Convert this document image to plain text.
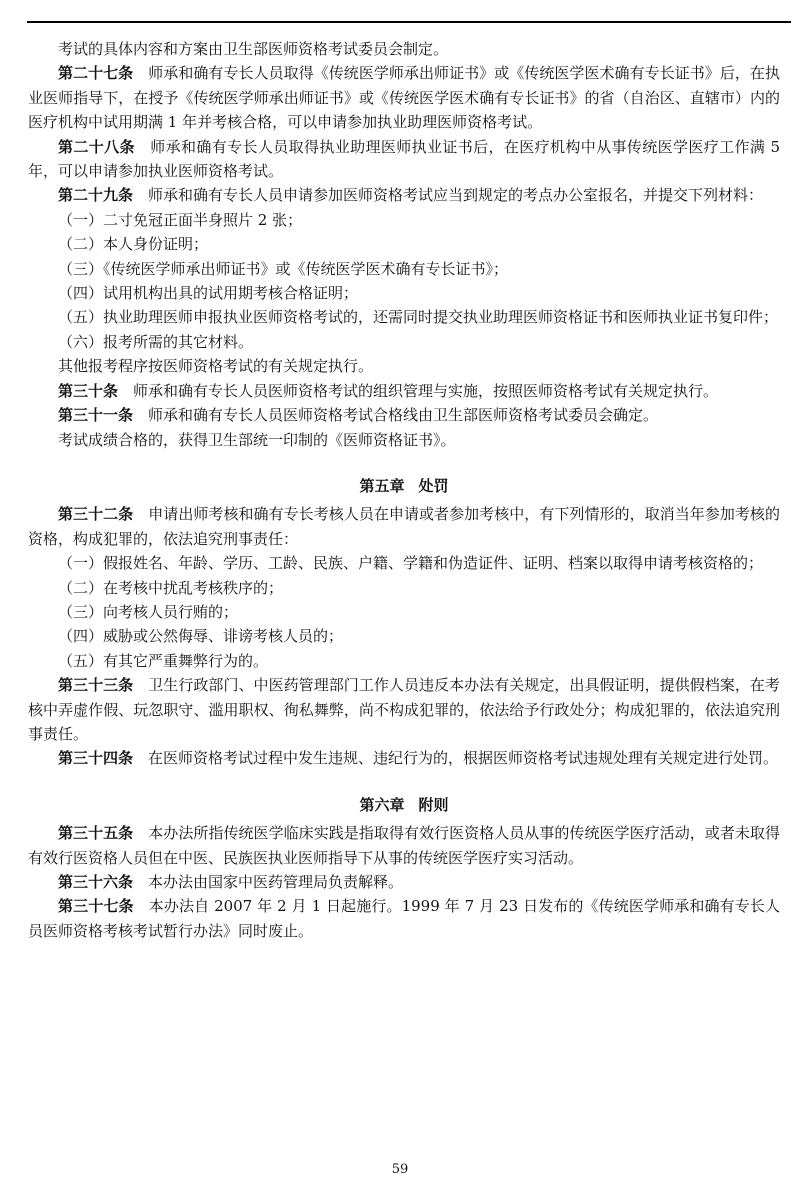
考试的具体内容和方案由卫生部医师资格考试委员会制定。

第二十七条　 师承和确有专长人员取得《传统医学师承出师证书》或《传统医学医术确有专长证书》后，在执业医师指导下，在授予《传统医学师承出师证书》或《传统医学医术确有专长证书》的省（自治区、直辖市）内的医疗机构中试用期满 1 年并考核合格，可以申请参加执业助理医师资格考试。

第二十八条　 师承和确有专长人员取得执业助理医师执业证书后，在医疗机构中从事传统医学医疗工作满 5 年，可以申请参加执业医师资格考试。

第二十九条　 师承和确有专长人员申请参加医师资格考试应当到规定的考点办公室报名，并提交下列材料：

（一）二寸免冠正面半身照片 2 张；

（二）本人身份证明；

（三）《传统医学师承出师证书》或《传统医学医术确有专长证书》；

（四）试用机构出具的试用期考核合格证明；

（五）执业助理医师申报执业医师资格考试的，还需同时提交执业助理医师资格证书和医师执业证书复印件；

（六）报考所需的其它材料。

其他报考程序按医师资格考试的有关规定执行。

第三十条　 师承和确有专长人员医师资格考试的组织管理与实施，按照医师资格考试有关规定执行。

第三十一条　 师承和确有专长人员医师资格考试合格线由卫生部医师资格考试委员会确定。

考试成绩合格的，获得卫生部统一印制的《医师资格证书》。

第五章 处罚

第三十二条　 申请出师考核和确有专长考核人员在申请或者参加考核中，有下列情形的，取消当年参加考核的资格，构成犯罪的，依法追究刑事责任：

（一）假报姓名、年龄、学历、工龄、民族、户籍、学籍和伪造证件、证明、档案以取得申请考核资格的；

（二）在考核中扰乱考核秩序的；

（三）向考核人员行贿的；

（四）威胁或公然侮辱、诽谤考核人员的；

（五）有其它严重舞弊行为的。

第三十三条　 卫生行政部门、中医药管理部门工作人员违反本办法有关规定，出具假证明，提供假档案，在考核中弄虚作假、玩忽职守、滥用职权、徇私舞弊，尚不构成犯罪的，依法给予行政处分；构成犯罪的，依法追究刑事责任。

第三十四条　 在医师资格考试过程中发生违规、违纪行为的，根据医师资格考试违规处理有关规定进行处罚。

第六章 附则

第三十五条　 本办法所指传统医学临床实践是指取得有效行医资格人员从事的传统医学医疗活动，或者未取得有效行医资格人员但在中医、民族医执业医师指导下从事的传统医学医疗实习活动。

第三十六条　 本办法由国家中医药管理局负责解释。

第三十七条　 本办法自 2007 年 2 月 1 日起施行。1999 年 7 月 23 日发布的《传统医学师承和确有专长人员医师资格考核考试暂行办法》同时废止。

59
